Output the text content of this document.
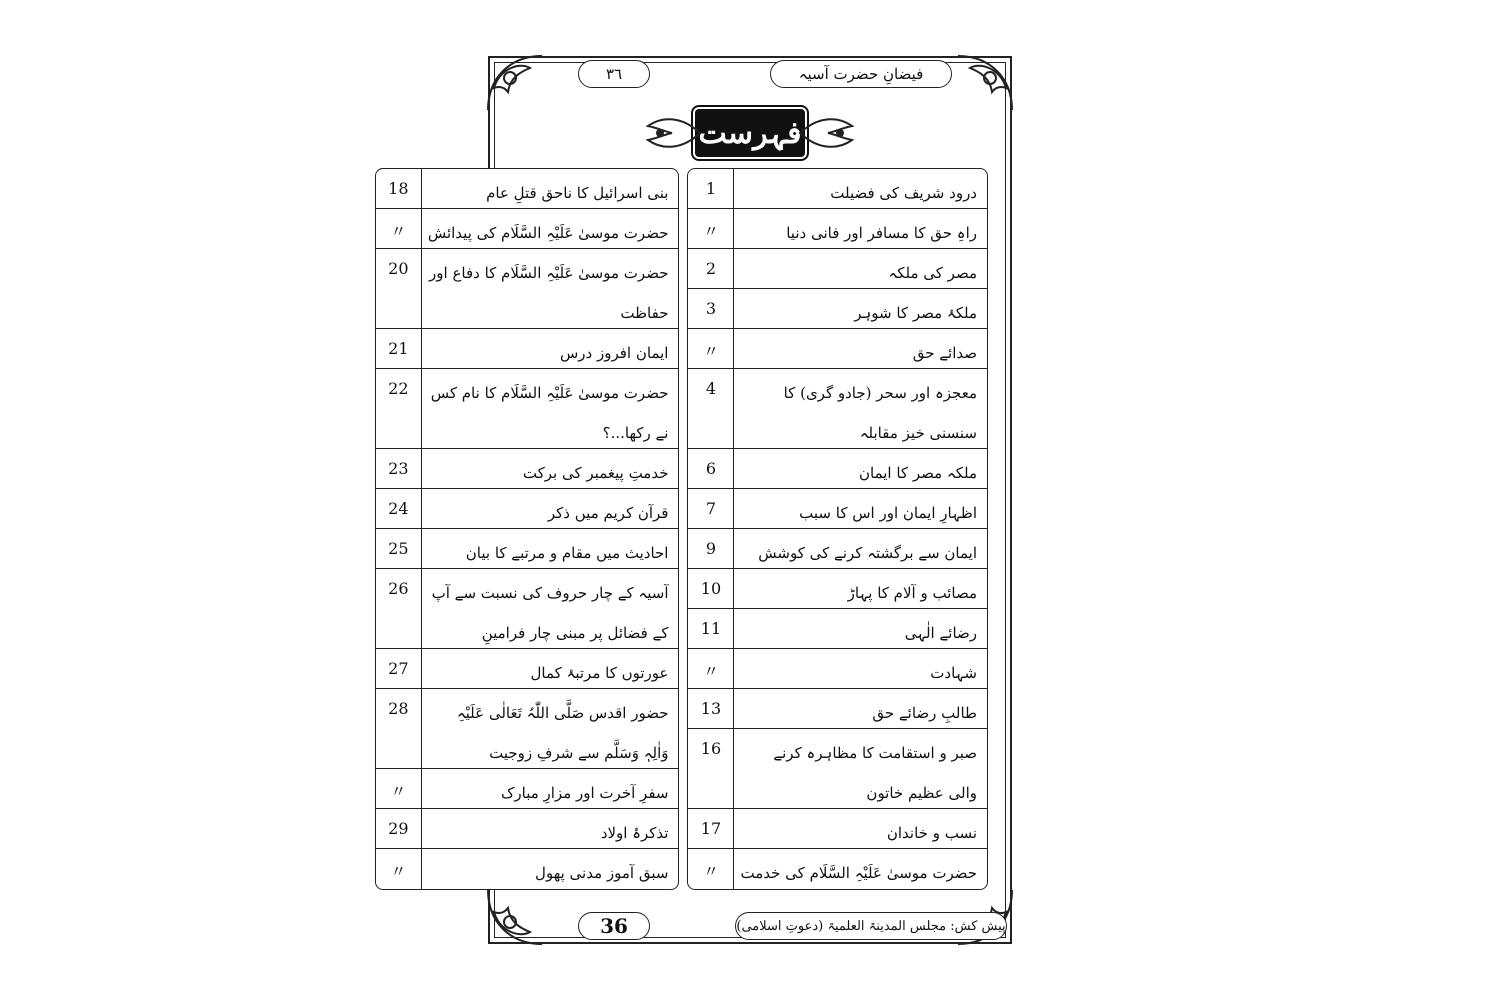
۳٦	فیضانِ حضرت آسیہ
فہرست
درود شریف کی فضیلت
1
راہِ حق کا مسافر اور فانی دنیا
〃
مصر کی ملکہ
2
ملکۂ مصر کا شوہر
3
صدائے حق
〃
معجزہ اور سحر (جادو گری) کا سنسنی خیز مقابلہ
4
ملکہ مصر کا ایمان
6
اظہارِ ایمان اور اس کا سبب
7
ایمان سے برگشتہ کرنے کی کوشش
9
مصائب و آلام کا پہاڑ
10
رضائے الٰہی
11
شہادت
〃
طالبِ رضائے حق
13
صبر و استقامت کا مظاہرہ کرنے والی عظیم خاتون
16
نسب و خاندان
17
حضرت موسیٰ عَلَیْہِ السَّلَام کی خدمت
〃
بنی اسرائیل کا ناحق قتلِ عام
18
حضرت موسیٰ عَلَیْہِ السَّلَام کی پیدائش
〃
حضرت موسیٰ عَلَیْہِ السَّلَام کا دفاع اور حفاظت
20
ایمان افروز درس
21
حضرت موسیٰ عَلَیْہِ السَّلَام کا نام کس نے رکھا...؟
22
خدمتِ پیغمبر کی برکت
23
قرآن کریم میں ذکر
24
احادیث میں مقام و مرتبے کا بیان
25
آسیہ کے چار حروف کی نسبت سے آپ کے فضائل پر مبنی چار فرامینِ
26
عورتوں کا مرتبۂ کمال
27
حضور اقدس صَلَّی اللّٰہُ تَعَالٰی عَلَیْہِ وَاٰلِہٖ وَسَلَّم سے شرفِ زوجیت
28
سفرِ آخرت اور مزارِ مبارک
〃
تذکرۂ اولاد
29
سبق آموز مدنی پھول
〃
36	پیش کش: مجلس المدینۃ العلمیۃ (دعوتِ اسلامی)
